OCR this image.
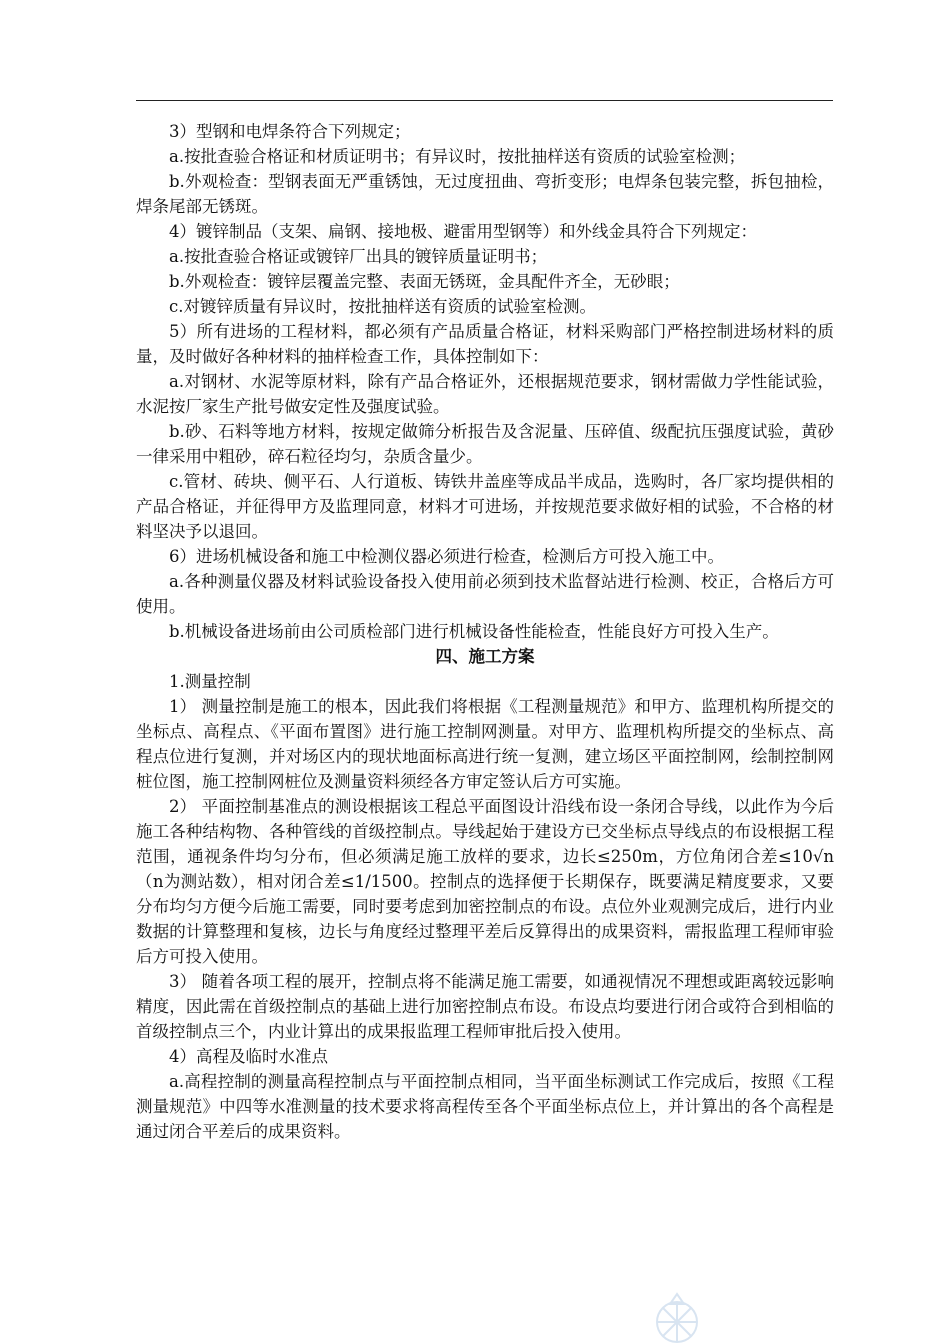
3）型钢和电焊条符合下列规定；

a.按批查验合格证和材质证明书；有异议时，按批抽样送有资质的试验室检测；

b.外观检查：型钢表面无严重锈蚀，无过度扭曲、弯折变形；电焊条包装完整，拆包抽检，焊条尾部无锈斑。

4）镀锌制品（支架、扁钢、接地极、避雷用型钢等）和外线金具符合下列规定：

a.按批查验合格证或镀锌厂出具的镀锌质量证明书；

b.外观检查：镀锌层覆盖完整、表面无锈斑，金具配件齐全，无砂眼；

c.对镀锌质量有异议时，按批抽样送有资质的试验室检测。

5）所有进场的工程材料，都必须有产品质量合格证，材料采购部门严格控制进场材料的质量，及时做好各种材料的抽样检查工作，具体控制如下：

a.对钢材、水泥等原材料，除有产品合格证外，还根据规范要求，钢材需做力学性能试验，水泥按厂家生产批号做安定性及强度试验。

b.砂、石料等地方材料，按规定做筛分析报告及含泥量、压碎值、级配抗压强度试验，黄砂一律采用中粗砂，碎石粒径均匀，杂质含量少。

c.管材、砖块、侧平石、人行道板、铸铁井盖座等成品半成品，选购时，各厂家均提供相的产品合格证，并征得甲方及监理同意，材料才可进场，并按规范要求做好相的试验，不合格的材料坚决予以退回。

6）进场机械设备和施工中检测仪器必须进行检查，检测后方可投入施工中。

a.各种测量仪器及材料试验设备投入使用前必须到技术监督站进行检测、校正，合格后方可使用。

b.机械设备进场前由公司质检部门进行机械设备性能检查，性能良好方可投入生产。

四、施工方案

1.测量控制

1） 测量控制是施工的根本，因此我们将根据《工程测量规范》和甲方、监理机构所提交的坐标点、高程点、《平面布置图》进行施工控制网测量。对甲方、监理机构所提交的坐标点、高程点位进行复测，并对场区内的现状地面标高进行统一复测，建立场区平面控制网，绘制控制网桩位图，施工控制网桩位及测量资料须经各方审定签认后方可实施。

2） 平面控制基准点的测设根据该工程总平面图设计沿线布设一条闭合导线，以此作为今后施工各种结构物、各种管线的首级控制点。导线起始于建设方已交坐标点导线点的布设根据工程范围，通视条件均匀分布，但必须满足施工放样的要求，边长≤250m，方位角闭合差≤10√n（n为测站数），相对闭合差≤1/1500。控制点的选择便于长期保存，既要满足精度要求，又要分布均匀方便今后施工需要，同时要考虑到加密控制点的布设。点位外业观测完成后，进行内业数据的计算整理和复核，边长与角度经过整理平差后反算得出的成果资料，需报监理工程师审验后方可投入使用。

3） 随着各项工程的展开，控制点将不能满足施工需要，如通视情况不理想或距离较远影响精度，因此需在首级控制点的基础上进行加密控制点布设。布设点均要进行闭合或符合到相临的首级控制点三个，内业计算出的成果报监理工程师审批后投入使用。

4）高程及临时水准点

a.高程控制的测量高程控制点与平面控制点相同，当平面坐标测试工作完成后，按照《工程测量规范》中四等水准测量的技术要求将高程传至各个平面坐标点位上，并计算出的各个高程是通过闭合平差后的成果资料。
